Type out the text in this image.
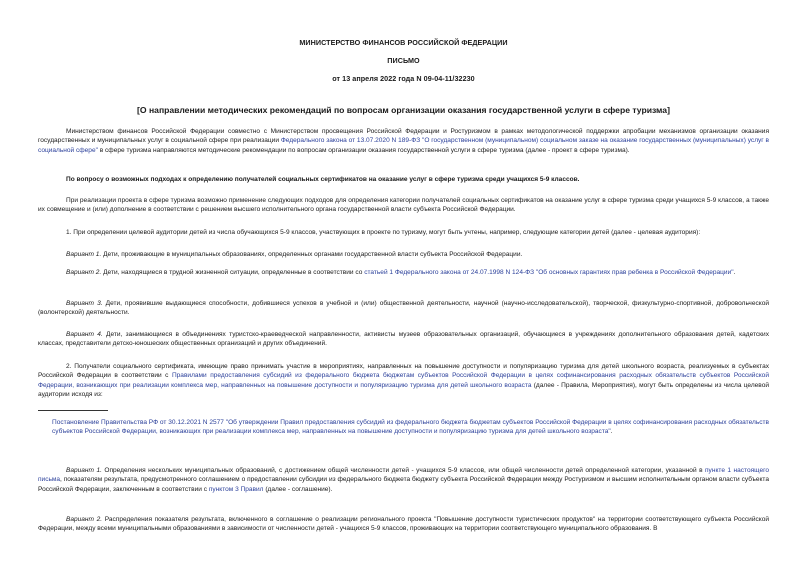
МИНИСТЕРСТВО ФИНАНСОВ РОССИЙСКОЙ ФЕДЕРАЦИИ
ПИСЬМО
от 13 апреля 2022 года N 09-04-11/32230
[О направлении методических рекомендаций по вопросам организации оказания государственной услуги в сфере туризма]
Министерством финансов Российской Федерации совместно с Министерством просвещения Российской Федерации и Ростуризмом в рамках методологической поддержки апробации механизмов организации оказания государственных и муниципальных услуг в социальной сфере при реализации Федерального закона от 13.07.2020 N 189-ФЗ "О государственном (муниципальном) социальном заказе на оказание государственных (муниципальных) услуг в социальной сфере" в сфере туризма направляются методические рекомендации по вопросам организации оказания государственной услуги в сфере туризма (далее - проект в сфере туризма).
По вопросу о возможных подходах к определению получателей социальных сертификатов на оказание услуг в сфере туризма среди учащихся 5-9 классов.
При реализации проекта в сфере туризма возможно применение следующих подходов для определения категории получателей социальных сертификатов на оказание услуг в сфере туризма среди учащихся 5-9 классов, а также их совмещение и (или) дополнение в соответствии с решением высшего исполнительного органа государственной власти субъекта Российской Федерации.
1. При определении целевой аудитории детей из числа обучающихся 5-9 классов, участвующих в проекте по туризму, могут быть учтены, например, следующие категории детей (далее - целевая аудитория):
Вариант 1. Дети, проживающие в муниципальных образованиях, определенных органами государственной власти субъекта Российской Федерации.
Вариант 2. Дети, находящиеся в трудной жизненной ситуации, определенные в соответствии со статьей 1 Федерального закона от 24.07.1998 N 124-ФЗ "Об основных гарантиях прав ребенка в Российской Федерации".
Вариант 3. Дети, проявившие выдающиеся способности, добившиеся успехов в учебной и (или) общественной деятельности, научной (научно-исследовательской), творческой, физкультурно-спортивной, добровольческой (волонтерской) деятельности.
Вариант 4. Дети, занимающиеся в объединениях туристско-краеведческой направленности, активисты музеев образовательных организаций, обучающиеся в учреждениях дополнительного образования детей, кадетских классах, представители детско-юношеских общественных организаций и других объединений.
2. Получатели социального сертификата, имеющие право принимать участие в мероприятиях, направленных на повышение доступности и популяризацию туризма для детей школьного возраста, реализуемых в субъектах Российской Федерации в соответствии с Правилами предоставления субсидий из федерального бюджета бюджетам субъектов Российской Федерации в целях софинансирования расходных обязательств субъектов Российской Федерации, возникающих при реализации комплекса мер, направленных на повышение доступности и популяризацию туризма для детей школьного возраста (далее - Правила, Мероприятия), могут быть определены из числа целевой аудитории исходя из:
Постановление Правительства РФ от 30.12.2021 N 2577 "Об утверждении Правил предоставления субсидий из федерального бюджета бюджетам субъектов Российской Федерации в целях софинансирования расходных обязательств субъектов Российской Федерации, возникающих при реализации комплекса мер, направленных на повышение доступности и популяризацию туризма для детей школьного возраста".
Вариант 1. Определения нескольких муниципальных образований, с достижением общей численности детей - учащихся 5-9 классов, или общей численности детей определенной категории, указанной в пункте 1 настоящего письма, показателям результата, предусмотренного соглашением о предоставлении субсидии из федерального бюджета бюджету субъекта Российской Федерации между Ростуризмом и высшим исполнительным органом власти субъекта Российской Федерации, заключенным в соответствии с пунктом 3 Правил (далее - соглашение).
Вариант 2. Распределения показателя результата, включенного в соглашение о реализации регионального проекта "Повышение доступности туристических продуктов" на территории соответствующего субъекта Российской Федерации, между всеми муниципальными образованиями в зависимости от численности детей - учащихся 5-9 классов, проживающих на территории соответствующего муниципального образования. В
